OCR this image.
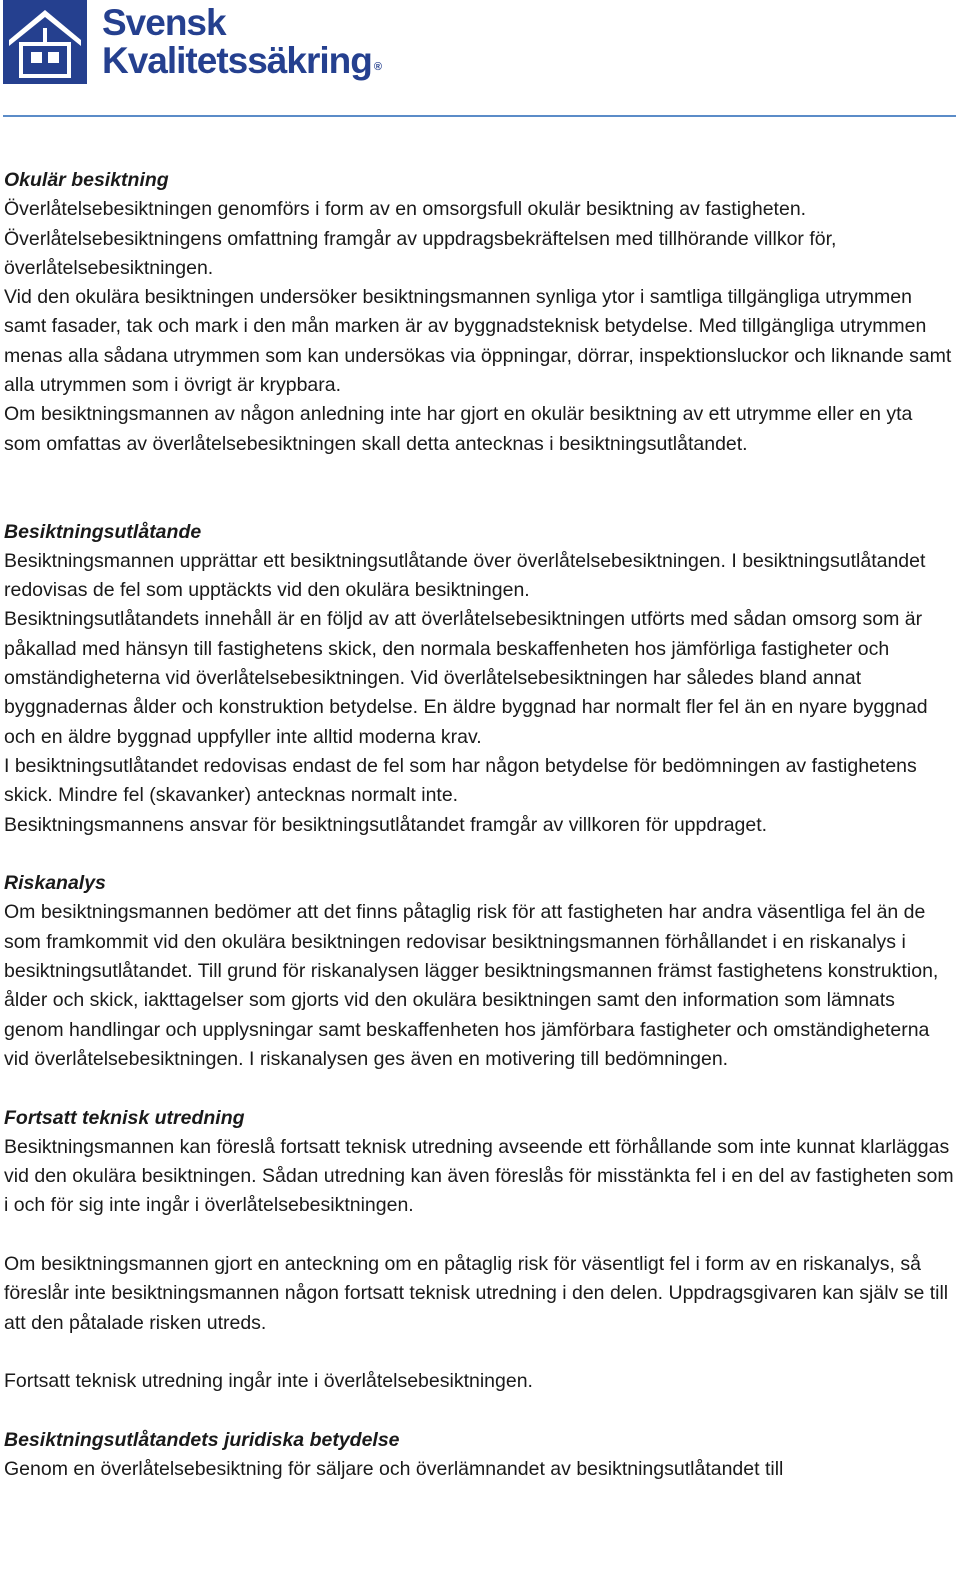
Svensk
Kvalitetssäkring ®
Okulär besiktning

Överlåtelsebesiktningen genomförs i form av en omsorgsfull okulär besiktning av fastigheten.

Överlåtelsebesiktningens omfattning framgår av uppdragsbekräftelsen med tillhörande villkor för, överlåtelsebesiktningen.

Vid den okulära besiktningen undersöker besiktningsmannen synliga ytor i samtliga tillgängliga utrymmen samt fasader, tak och mark i den mån marken är av byggnadsteknisk betydelse. Med tillgängliga utrymmen menas alla sådana utrymmen som kan undersökas via öppningar, dörrar, inspektionsluckor och liknande samt alla utrymmen som i övrigt är krypbara.

Om besiktningsmannen av någon anledning inte har gjort en okulär besiktning av ett utrymme eller en yta som omfattas av överlåtelsebesiktningen skall detta antecknas i besiktningsutlåtandet.

Besiktningsutlåtande

Besiktningsmannen upprättar ett besiktningsutlåtande över överlåtelsebesiktningen. I besiktningsutlåtandet redovisas de fel som upptäckts vid den okulära besiktningen.

Besiktningsutlåtandets innehåll är en följd av att överlåtelsebesiktningen utförts med sådan omsorg som är påkallad med hänsyn till fastighetens skick, den normala beskaffenheten hos jämförliga fastigheter och omständigheterna vid överlåtelsebesiktningen. Vid överlåtelsebesiktningen har således bland annat byggnadernas ålder och konstruktion betydelse. En äldre byggnad har normalt fler fel än en nyare byggnad och en äldre byggnad uppfyller inte alltid moderna krav.

I besiktningsutlåtandet redovisas endast de fel som har någon betydelse för bedömningen av fastighetens skick. Mindre fel (skavanker) antecknas normalt inte.

Besiktningsmannens ansvar för besiktningsutlåtandet framgår av villkoren för uppdraget.

Riskanalys

Om besiktningsmannen bedömer att det finns påtaglig risk för att fastigheten har andra väsentliga fel än de som framkommit vid den okulära besiktningen redovisar besiktningsmannen förhållandet i en riskanalys i besiktningsutlåtandet. Till grund för riskanalysen lägger besiktningsmannen främst fastighetens konstruktion, ålder och skick, iakttagelser som gjorts vid den okulära besiktningen samt den information som lämnats genom handlingar och upplysningar samt beskaffenheten hos jämförbara fastigheter och omständigheterna vid överlåtelsebesiktningen. I riskanalysen ges även en motivering till bedömningen.

Fortsatt teknisk utredning

Besiktningsmannen kan föreslå fortsatt teknisk utredning avseende ett förhållande som inte kunnat klarläggas vid den okulära besiktningen. Sådan utredning kan även föreslås för misstänkta fel i en del av fastigheten som i och för sig inte ingår i överlåtelsebesiktningen.

Om besiktningsmannen gjort en anteckning om en påtaglig risk för väsentligt fel i form av en riskanalys, så föreslår inte besiktningsmannen någon fortsatt teknisk utredning i den delen. Uppdragsgivaren kan själv se till att den påtalade risken utreds.

Fortsatt teknisk utredning ingår inte i överlåtelsebesiktningen.

Besiktningsutlåtandets juridiska betydelse

Genom en överlåtelsebesiktning för säljare och överlämnandet av besiktningsutlåtandet till
